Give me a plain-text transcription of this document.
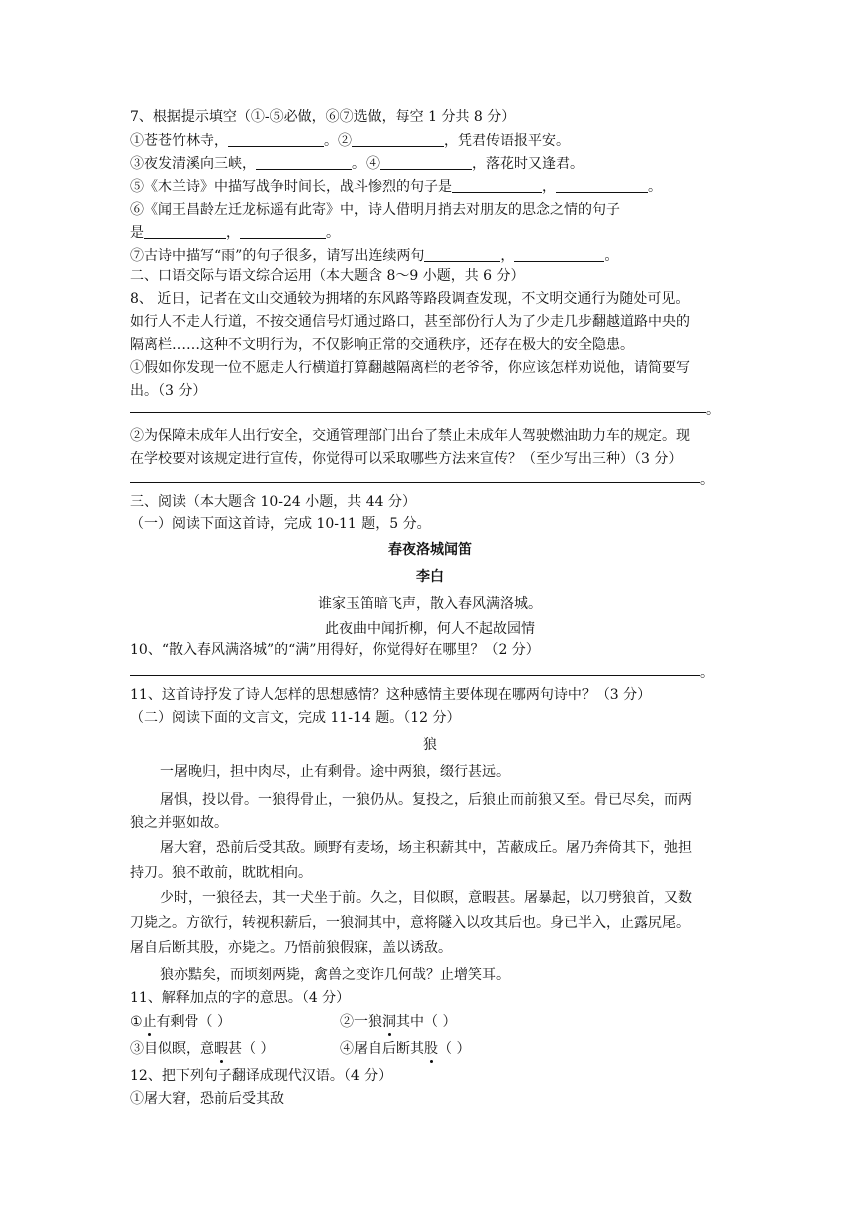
7、根据提示填空（①-⑤必做，⑥⑦选做，每空 1 分共 8 分）
①苍苍竹林寺，	。②	，凭君传语报平安。
③夜发清溪向三峡，	。④	，落花时又逢君。
⑤《木兰诗》中描写战争时间长，战斗惨烈的句子是	，	。
⑥《闻王昌龄左迁龙标遥有此寄》中，诗人借明月捎去对朋友的思念之情的句子
是	，	。
⑦古诗中描写“雨”的句子很多，请写出连续两句	，	。
二、口语交际与语文综合运用（本大题含 8～9 小题，共 6 分）
8、 近日，记者在文山交通较为拥堵的东风路等路段调查发现，不文明交通行为随处可见。
如行人不走人行道，不按交通信号灯通过路口，甚至部份行人为了少走几步翻越道路中央的
隔离栏……这种不文明行为，不仅影响正常的交通秩序，还存在极大的安全隐患。
①假如你发现一位不愿走人行横道打算翻越隔离栏的老爷爷，你应该怎样劝说他，请简要写
出。（3 分）
。
②为保障未成年人出行安全，交通管理部门出台了禁止未成年人驾驶燃油助力车的规定。现
在学校要对该规定进行宣传，你觉得可以采取哪些方法来宣传？（至少写出三种）（3 分）
。
三、阅读（本大题含 10-24 小题，共 44 分）
（一）阅读下面这首诗，完成 10-11 题，5 分。
春夜洛城闻笛
李白
谁家玉笛暗飞声，散入春风满洛城。
此夜曲中闻折柳，何人不起故园情
10、“散入春风满洛城”的“满”用得好，你觉得好在哪里？（2 分）
。
11、这首诗抒发了诗人怎样的思想感情？这种感情主要体现在哪两句诗中？（3 分）
（二）阅读下面的文言文，完成 11-14 题。（12 分）
狼
一屠晚归，担中肉尽，止有剩骨。途中两狼，缀行甚远。
屠惧，投以骨。一狼得骨止，一狼仍从。复投之，后狼止而前狼又至。骨已尽矣，而两
狼之并驱如故。
屠大窘，恐前后受其敌。顾野有麦场，场主积薪其中，苫蔽成丘。屠乃奔倚其下，弛担
持刀。狼不敢前，眈眈相向。
少时，一狼径去，其一犬坐于前。久之，目似瞑，意暇甚。屠暴起，以刀劈狼首，又数
刀毙之。方欲行，转视积薪后，一狼洞其中，意将隧入以攻其后也。身已半入，止露尻尾。
屠自后断其股，亦毙之。乃悟前狼假寐，盖以诱敌。
狼亦黠矣，而顷刻两毙，禽兽之变诈几何哉？止增笑耳。
11、解释加点的字的意思。（4 分）
①止有剩骨（ ）	②一狼洞其中（ ）
③目似瞑，意暇甚（ ）	④屠自后断其股（ ）
12、把下列句子翻译成现代汉语。（4 分）
①屠大窘，恐前后受其敌
